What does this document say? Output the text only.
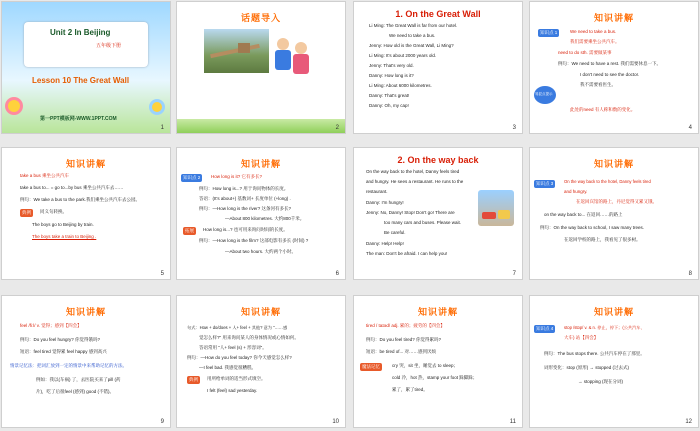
Unit 2 In Beijing
五年级下册
Lesson 10 The Great Wall
第一PPT模板网-WWW.1PPT.COM
1
话题导入
2
1. On the Great Wall
Li Ming: The Great Wall is far from our hotel.
We need to take a bus.
Jenny: How old is the Great Wall, Li Ming?
Li Ming: It's about 2000 years old.
Jenny: That's very old.
Danny: How long is it?
Li Ming: About 6000 kilometres.
Danny: That's great!
Danny: Oh, my cap!
3
知识讲解
知识点 1	We need to take a bus.
我们需要乘坐公共汽车。
need to do sth. 需要做某事
例句：We need to have a rest. 我们需要休息一下。
I don't need to see the doctor.
我不需要看医生。
易混点提示
此处的need 有人称和数的变化。
4
知识讲解
take a bus 乘坐公共汽车
take a bus to... = go to...by bus 乘坐公共汽车去……
例句：We take a bus to the park.我们乘坐公共汽车去公园。
典例	同义句转换。
The boys go to Beijing by train.
The boys take a train to Beijing .
5
知识讲解
知识点 2	How long is it? 它有多长?
例句：How long is...? 用于询问物体的长度。
答语：(It's about+) 基数词+ 长度单位 (+long) .
例句：—How long is the river? 这条河有多长?
—About 800 kilometres. 大约800千米。
拓展	How long is...? 也可用来询问时间的长度。
例句：—How long is the film? 这部电影有多长 (时间) ?
—About two hours. 大约两个小时。
6
2. On the way back
On the way back to the hotel, Danny feels tired
and hungry. He sees a restaurant. He runs to the
restaurant.
Danny: I'm hungry!
Jenny: No, Danny! Stop! Don't go! There are
too many cars and buses. Please wait.
Be careful.
Danny: Help! Help!
The man: Don't be afraid. I can help you!
7
知识讲解
知识点 3	On the way back to the hotel, Danny feels tired
and hungry.
在返回宾馆的路上，丹尼觉得又累又饿。
on the way back to... 在返回……的路上
例句：On the way back to school, I saw many trees.
在返回学校的路上，我看见了很多树。
8
知识讲解
feel /fiːl/ v. 觉得；感到【四会】
例句：Do you feel hungry? 你觉得饿吗?
短语：feel tired 觉得累 feel happy 感到高兴
情景记忆法：把词汇放到一定的情景中来帮助记忆的方法。
例如：我以(车祸) 了，去医院买来了pill (药
片)，吃了后很feel (感到) good (不错)。
9
知识讲解
句式：How + do/does + 人+ feel + 其他? 意为 "……感
觉怎么样?" 用来询问某人的身体情况或心情如何。
答语常用 "人+ feel (s) + 形容词"。
例句：—How do you feel today? 你今天感觉怎么样?
—I feel bad. 我感觉很糟糕。
典例	用所给单词的适当形式填空。
I felt (feel) sad yesterday.
10
知识讲解
tired / taɪəd/ adj. 累的；疲劳的【四会】
例句：Do you feel tired? 你觉得累吗?
短语：be tired of... 对……感到厌烦
魔法记忆	cry 哭，sit 坐，睡觉去 to sleep；
cold 冷，hot 热，stamp your foot 跺脚跺；
累了，累了tired。
11
知识讲解
知识点 4	stop /stɒp/ v. & n. 停止，停下；(公共汽车、
大车) 站【四会】
例句：The bus stops there. 公共汽车停在了那里。
词形变化：stop (原形) → stopped (过去式)
→ stopping (现在分词)
12
